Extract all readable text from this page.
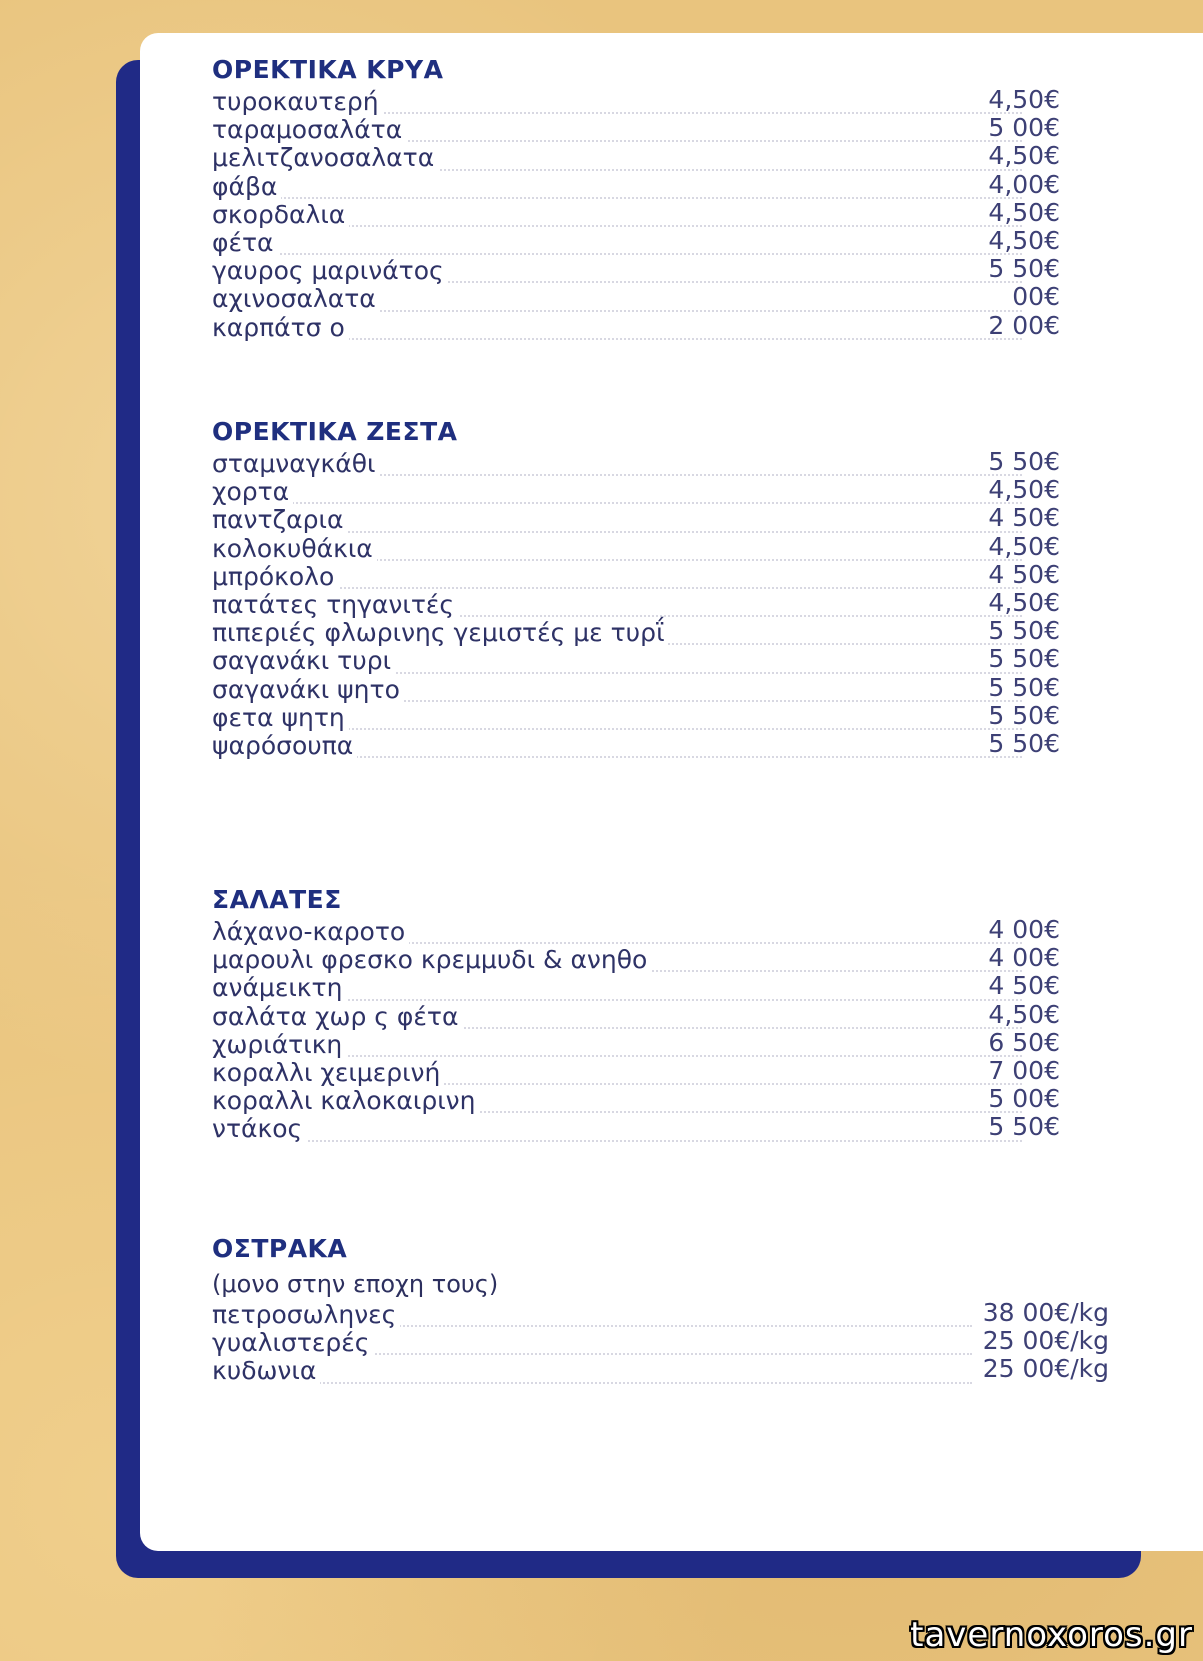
ΟΡΕΚΤΙΚΑ ΚΡΥΑ
τυροκαυτερή	4,50€
ταραμοσαλάτα	5 00€
μελιτζανοσαλατα	4,50€
φάβα	4,00€
σκορδαλια	4,50€
φέτα	4,50€
γαυρος μαρινάτος	5 50€
αχινοσαλατα	00€
καρπάτσ ο	2 00€
ΟΡΕΚΤΙΚΑ ΖΕΣΤΑ
σταμναγκάθι	5 50€
χορτα	4,50€
παντζαρια	4 50€
κολοκυθάκια	4,50€
μπρόκολο	4 50€
πατάτες τηγανιτές	4,50€
πιπεριές φλωρινης γεμιστές με τυρΐ	5 50€
σαγανάκι τυρι	5 50€
σαγανάκι ψητο	5 50€
φετα ψητη	5 50€
ψαρόσουπα	5 50€
ΣΑΛΑΤΕΣ
λάχανο-καροτο	4 00€
μαρουλι φρεσκο κρεμμυδι & ανηθο	4 00€
ανάμεικτη	4 50€
σαλάτα χωρ ς φέτα	4,50€
χωριάτικη	6 50€
κοραλλι χειμερινή	7 00€
κοραλλι καλοκαιρινη	5 00€
ντάκος	5 50€
ΟΣΤΡΑΚΑ
(μονο στην εποχη τους)
πετροσωληνες	38 00€/kg
γυαλιστερές	25 00€/kg
κυδωνια	25 00€/kg
tavernoxoros.gr
